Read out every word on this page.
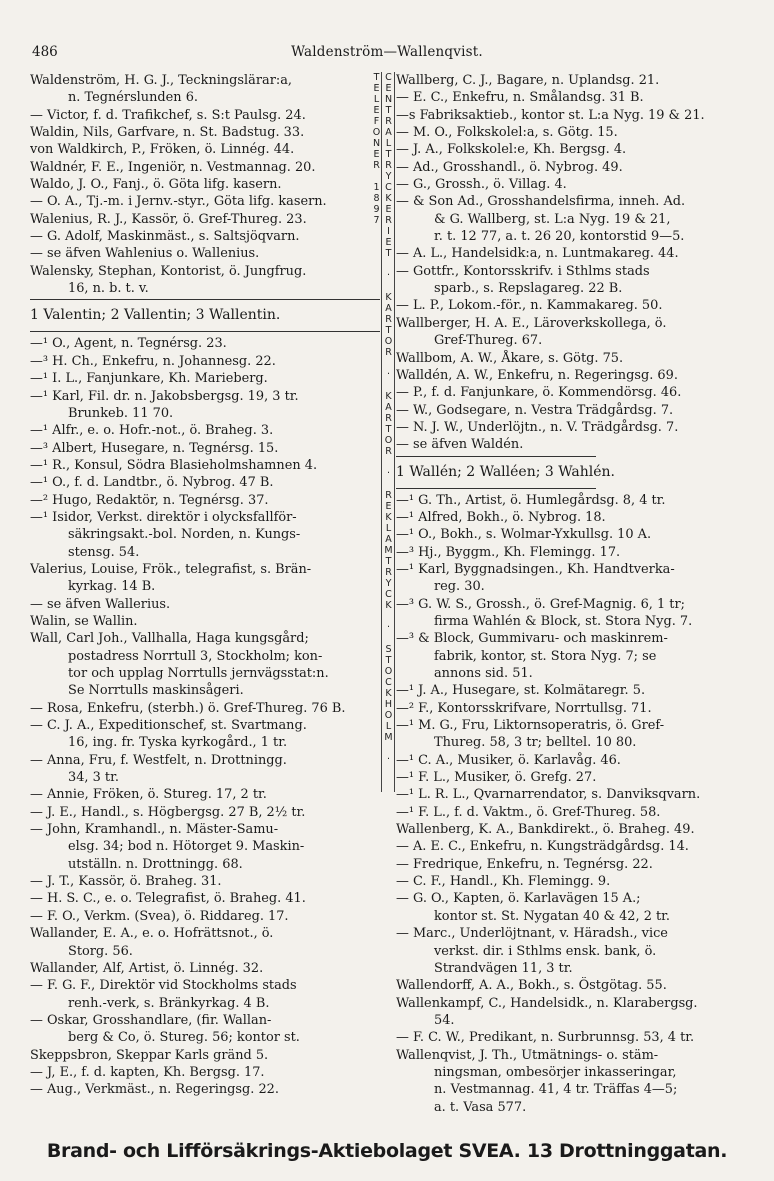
486	Waldenström—Wallenqvist.
Waldenström, H. G. J., Teckningslärar:a,
n. Tegnérslunden 6.
— Victor, f. d. Trafikchef, s. S:t Paulsg. 24.
Waldin, Nils, Garfvare, n. St. Badstug. 33.
von Waldkirch, P., Fröken, ö. Linnég. 44.
Waldnér, F. E., Ingeniör, n. Vestmannag. 20.
Waldo, J. O., Fanj., ö. Göta lifg. kasern.
— O. A., Tj.-m. i Jernv.-styr., Göta lifg. kasern.
Walenius, R. J., Kassör, ö. Gref-Thureg. 23.
— G. Adolf, Maskinmäst., s. Saltsjöqvarn.
— se äfven Wahlenius o. Wallenius.
Walensky, Stephan, Kontorist, ö. Jungfrug.
16, n. b. t. v.
1 Valentin; 2 Vallentin; 3 Wallentin.
—¹ O., Agent, n. Tegnérsg. 23.
—³ H. Ch., Enkefru, n. Johannesg. 22.
—¹ I. L., Fanjunkare, Kh. Marieberg.
—¹ Karl, Fil. dr. n. Jakobsbergsg. 19, 3 tr.
Brunkeb. 11 70.
—¹ Alfr., e. o. Hofr.-not., ö. Braheg. 3.
—³ Albert, Husegare, n. Tegnérsg. 15.
—¹ R., Konsul, Södra Blasieholmshamnen 4.
—¹ O., f. d. Landtbr., ö. Nybrog. 47 B.
—² Hugo, Redaktör, n. Tegnérsg. 37.
—¹ Isidor, Verkst. direktör i olycksfallför-
säkringsakt.-bol. Norden, n. Kungs-
stensg. 54.
Valerius, Louise, Frök., telegrafist, s. Brän-
kyrkag. 14 B.
— se äfven Wallerius.
Walin, se Wallin.
Wall, Carl Joh., Vallhalla, Haga kungsgård;
postadress Norrtull 3, Stockholm; kon-
tor och upplag Norrtulls jernvägsstat:n.
Se Norrtulls maskinsågeri.
— Rosa, Enkefru, (sterbh.) ö. Gref-Thureg. 76 B.
— C. J. A., Expeditionschef, st. Svartmang.
16, ing. fr. Tyska kyrkogård., 1 tr.
— Anna, Fru, f. Westfelt, n. Drottningg.
34, 3 tr.
— Annie, Fröken, ö. Stureg. 17, 2 tr.
— J. E., Handl., s. Högbergsg. 27 B, 2½ tr.
— John, Kramhandl., n. Mäster-Samu-
elsg. 34; bod n. Hötorget 9. Maskin-
utställn. n. Drottningg. 68.
— J. T., Kassör, ö. Braheg. 31.
— H. S. C., e. o. Telegrafist, ö. Braheg. 41.
— F. O., Verkm. (Svea), ö. Riddareg. 17.
Wallander, E. A., e. o. Hofrättsnot., ö.
Storg. 56.
Wallander, Alf, Artist, ö. Linnég. 32.
— F. G. F., Direktör vid Stockholms stads
renh.-verk, s. Bränkyrkag. 4 B.
— Oskar, Grosshandlare, (fir. Wallan-
berg & Co, ö. Stureg. 56; kontor st.
Skeppsbron, Skeppar Karls gränd 5.
— J, E., f. d. kapten, Kh. Bergsg. 17.
— Aug., Verkmäst., n. Regeringsg. 22.
CENTRALTRYCKERIET · KARTOR · KARTOR · REKLAMTRYCK · STOCKHOLM · TELEFONER 1897	Wallberg, C. J., Bagare, n. Uplandsg. 21.
— E. C., Enkefru, n. Smålandsg. 31 B.
—s Fabriksaktieb., kontor st. L:a Nyg. 19 & 21.
— M. O., Folkskolel:a, s. Götg. 15.
— J. A., Folkskolel:e, Kh. Bergsg. 4.
— Ad., Grosshandl., ö. Nybrog. 49.
— G., Grossh., ö. Villag. 4.
— & Son Ad., Grosshandelsfirma, inneh. Ad.
& G. Wallberg, st. L:a Nyg. 19 & 21,
r. t. 12 77, a. t. 26 20, kontorstid 9—5.
— A. L., Handelsidk:a, n. Luntmakareg. 44.
— Gottfr., Kontorsskrifv. i Sthlms stads
sparb., s. Repslagareg. 22 B.
— L. P., Lokom.-för., n. Kammakareg. 50.
Wallberger, H. A. E., Läroverkskollega, ö.
Gref-Thureg. 67.
Wallbom, A. W., Åkare, s. Götg. 75.
Walldén, A. W., Enkefru, n. Regeringsg. 69.
— P., f. d. Fanjunkare, ö. Kommendörsg. 46.
— W., Godsegare, n. Vestra Trädgårdsg. 7.
— N. J. W., Underlöjtn., n. V. Trädgårdsg. 7.
— se äfven Waldén.
1 Wallén; 2 Walléen; 3 Wahlén.
—¹ G. Th., Artist, ö. Humlegårdsg. 8, 4 tr.
—¹ Alfred, Bokh., ö. Nybrog. 18.
—¹ O., Bokh., s. Wolmar-Yxkullsg. 10 A.
—³ Hj., Byggm., Kh. Flemingg. 17.
—¹ Karl, Byggnadsingen., Kh. Handtverka-
reg. 30.
—³ G. W. S., Grossh., ö. Gref-Magnig. 6, 1 tr;
firma Wahlén & Block, st. Stora Nyg. 7.
—³ & Block, Gummivaru- och maskinrem-
fabrik, kontor, st. Stora Nyg. 7; se
annons sid. 51.
—¹ J. A., Husegare, st. Kolmätaregr. 5.
—² F., Kontorsskrifvare, Norrtullsg. 71.
—¹ M. G., Fru, Liktornsoperatris, ö. Gref-
Thureg. 58, 3 tr; belltel. 10 80.
—¹ C. A., Musiker, ö. Karlavåg. 46.
—¹ F. L., Musiker, ö. Grefg. 27.
—¹ L. R. L., Qvarnarrendator, s. Danviksqvarn.
—¹ F. L., f. d. Vaktm., ö. Gref-Thureg. 58.
Wallenberg, K. A., Bankdirekt., ö. Braheg. 49.
— A. E. C., Enkefru, n. Kungsträdgårdsg. 14.
— Fredrique, Enkefru, n. Tegnérsg. 22.
— C. F., Handl., Kh. Flemingg. 9.
— G. O., Kapten, ö. Karlavägen 15 A.;
kontor st. St. Nygatan 40 & 42, 2 tr.
— Marc., Underlöjtnant, v. Häradsh., vice
verkst. dir. i Sthlms ensk. bank, ö.
Strandvägen 11, 3 tr.
Wallendorff, A. A., Bokh., s. Östgötag. 55.
Wallenkampf, C., Handelsidk., n. Klarabergsg.
54.
— F. C. W., Predikant, n. Surbrunnsg. 53, 4 tr.
Wallenqvist, J. Th., Utmätnings- o. stäm-
ningsman, ombesörjer inkasseringar,
n. Vestmannag. 41, 4 tr. Träffas 4—5;
a. t. Vasa 577.
Brand- och Lifförsäkrings-Aktiebolaget SVEA. 13 Drottninggatan.
